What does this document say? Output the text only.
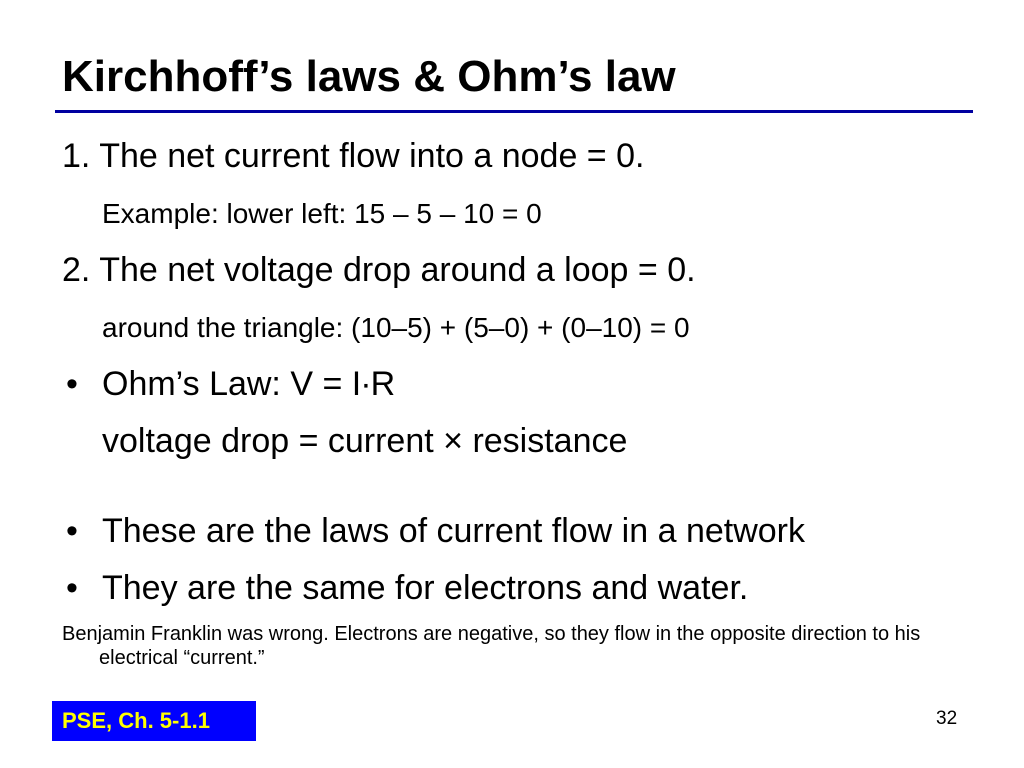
Kirchhoff’s laws & Ohm’s law
1. The net current flow into a node = 0.
Example: lower left: 15 – 5 – 10 = 0
2. The net voltage drop around a loop = 0.
around the triangle: (10–5) + (5–0) + (0–10) = 0
• Ohm’s Law: V = I∙R
voltage drop = current × resistance
• These are the laws of current flow in a network
• They are the same for electrons and water.
Benjamin Franklin was wrong. Electrons are negative, so they flow in the opposite direction to his electrical “current.”
PSE, Ch. 5-1.1	32
